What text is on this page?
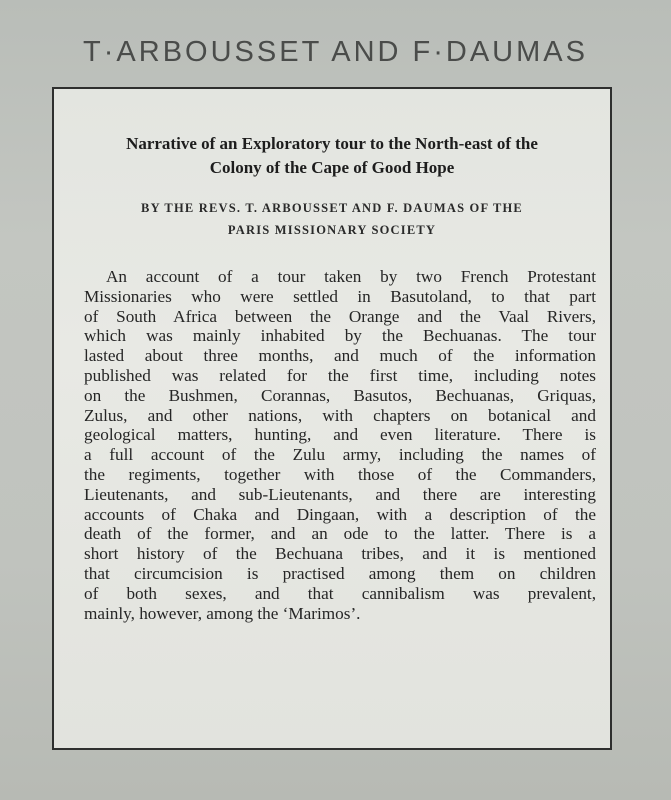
T·ARBOUSSET AND F·DAUMAS
Narrative of an Exploratory tour to the North-east of the
Colony of the Cape of Good Hope
BY THE REVS. T. ARBOUSSET AND F. DAUMAS OF THE
PARIS MISSIONARY SOCIETY
An account of a tour taken by two French Protestant
Missionaries who were settled in Basutoland, to that part
of South Africa between the Orange and the Vaal Rivers,
which was mainly inhabited by the Bechuanas. The tour
lasted about three months, and much of the information
published was related for the first time, including notes
on the Bushmen, Corannas, Basutos, Bechuanas, Griquas,
Zulus, and other nations, with chapters on botanical and
geological matters, hunting, and even literature. There is
a full account of the Zulu army, including the names of
the regiments, together with those of the Commanders,
Lieutenants, and sub-Lieutenants, and there are interesting
accounts of Chaka and Dingaan, with a description of the
death of the former, and an ode to the latter. There is a
short history of the Bechuana tribes, and it is mentioned
that circumcision is practised among them on children
of both sexes, and that cannibalism was prevalent,
mainly, however, among the ‘Marimos’.
